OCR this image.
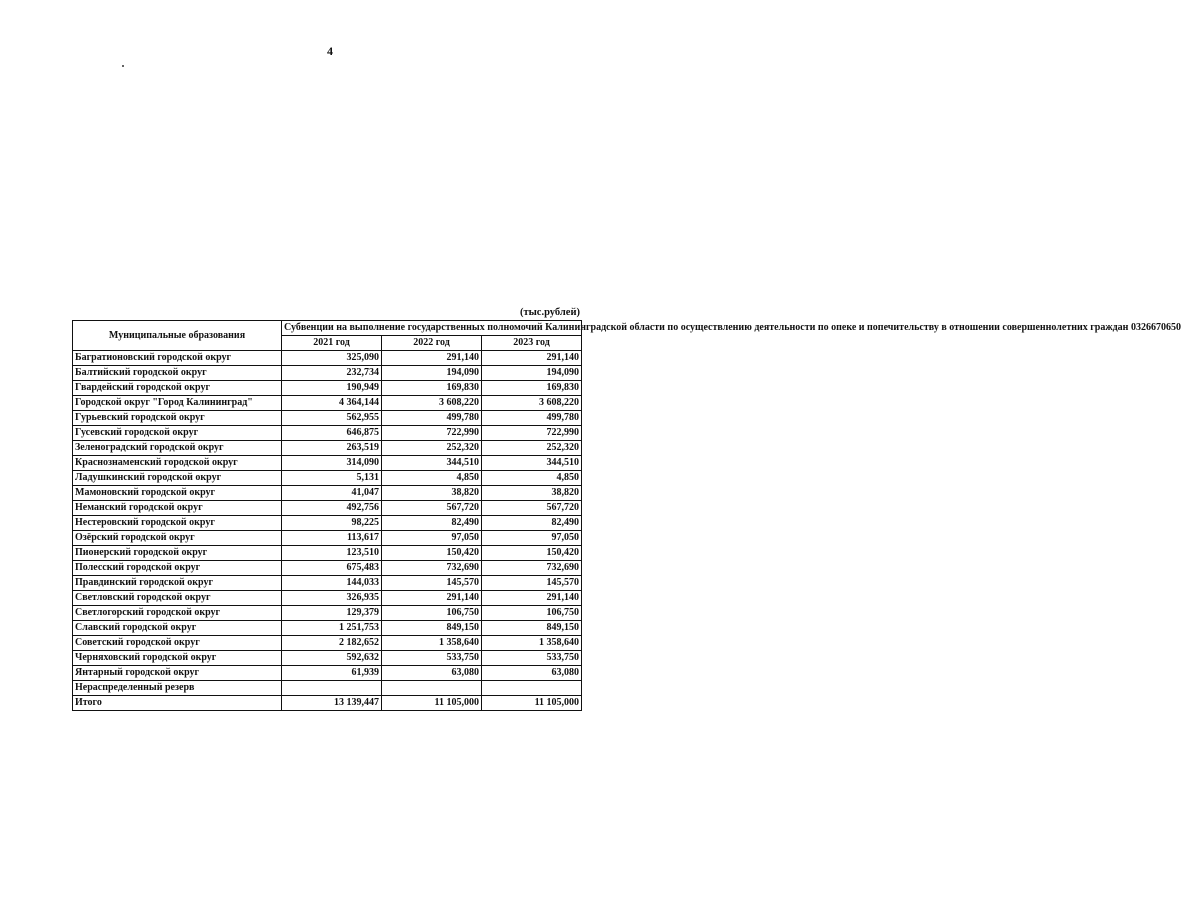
4
(тыс.рублей)
Муниципальные образования	Субвенции на выполнение государственных полномочий Калининградской области по осуществлению деятельности по опеке и попечительству в отношении совершеннолетних граждан 0326670650		
	2021 год	2022 год	2023 год
Багратионовский городской округ	325,090	291,140	291,140
Балтийский городской округ	232,734	194,090	194,090
Гвардейский городской округ	190,949	169,830	169,830
Городской округ "Город Калининград"	4 364,144	3 608,220	3 608,220
Гурьевский городской округ	562,955	499,780	499,780
Гусевский городской округ	646,875	722,990	722,990
Зеленоградский городской округ	263,519	252,320	252,320
Краснознаменский городской округ	314,090	344,510	344,510
Ладушкинский городской округ	5,131	4,850	4,850
Мамоновский городской округ	41,047	38,820	38,820
Неманский городской округ	492,756	567,720	567,720
Нестеровский городской округ	98,225	82,490	82,490
Озёрский городской округ	113,617	97,050	97,050
Пионерский городской округ	123,510	150,420	150,420
Полесский городской округ	675,483	732,690	732,690
Правдинский городской округ	144,033	145,570	145,570
Светловский городской округ	326,935	291,140	291,140
Светлогорский городской округ	129,379	106,750	106,750
Славский городской округ	1 251,753	849,150	849,150
Советский городской округ	2 182,652	1 358,640	1 358,640
Черняховский городской округ	592,632	533,750	533,750
Янтарный городской округ	61,939	63,080	63,080
Нераспределенный резерв			
Итого	13 139,447	11 105,000	11 105,000
